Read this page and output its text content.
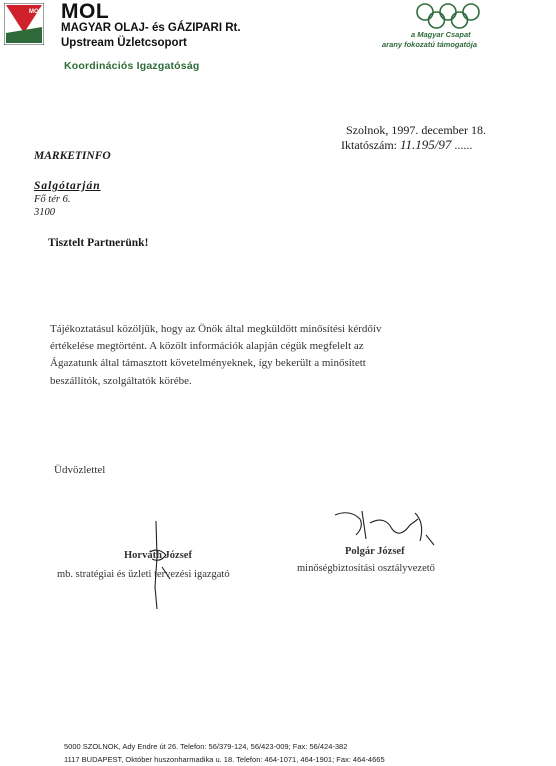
MOL MOL
MAGYAR OLAJ- és GÁZIPARI Rt.
Upstream Üzletcsoport
Koordinációs Igazgatóság
a Magyar Csapat
arany fokozatú támogatója
Szolnok, 1997. december 18.
Iktatószám: 11.195/97 ......
MARKETINFO
Salgótarján
Fő tér 6.
3100
Tisztelt Partnerünk!
Tájékoztatásul közöljük, hogy az Önök által megküldött minősítési kérdőív
értékelése megtörtént. A közölt információk alapján cégük megfelelt az
Ágazatunk által támasztott követelményeknek, így bekerült a minősített
beszállítók, szolgáltatók körébe.
Üdvözlettel
Horváth József
mb. stratégiai és üzleti tervezési igazgató
Polgár József
minőségbiztosítási osztályvezető
5000 SZOLNOK, Ady Endre út 26. Telefon: 56/379-124, 56/423-009; Fax: 56/424-382
1117 BUDAPEST, Október huszonharmadika u. 18. Telefon: 464-1071, 464-1901; Fax: 464-4665
